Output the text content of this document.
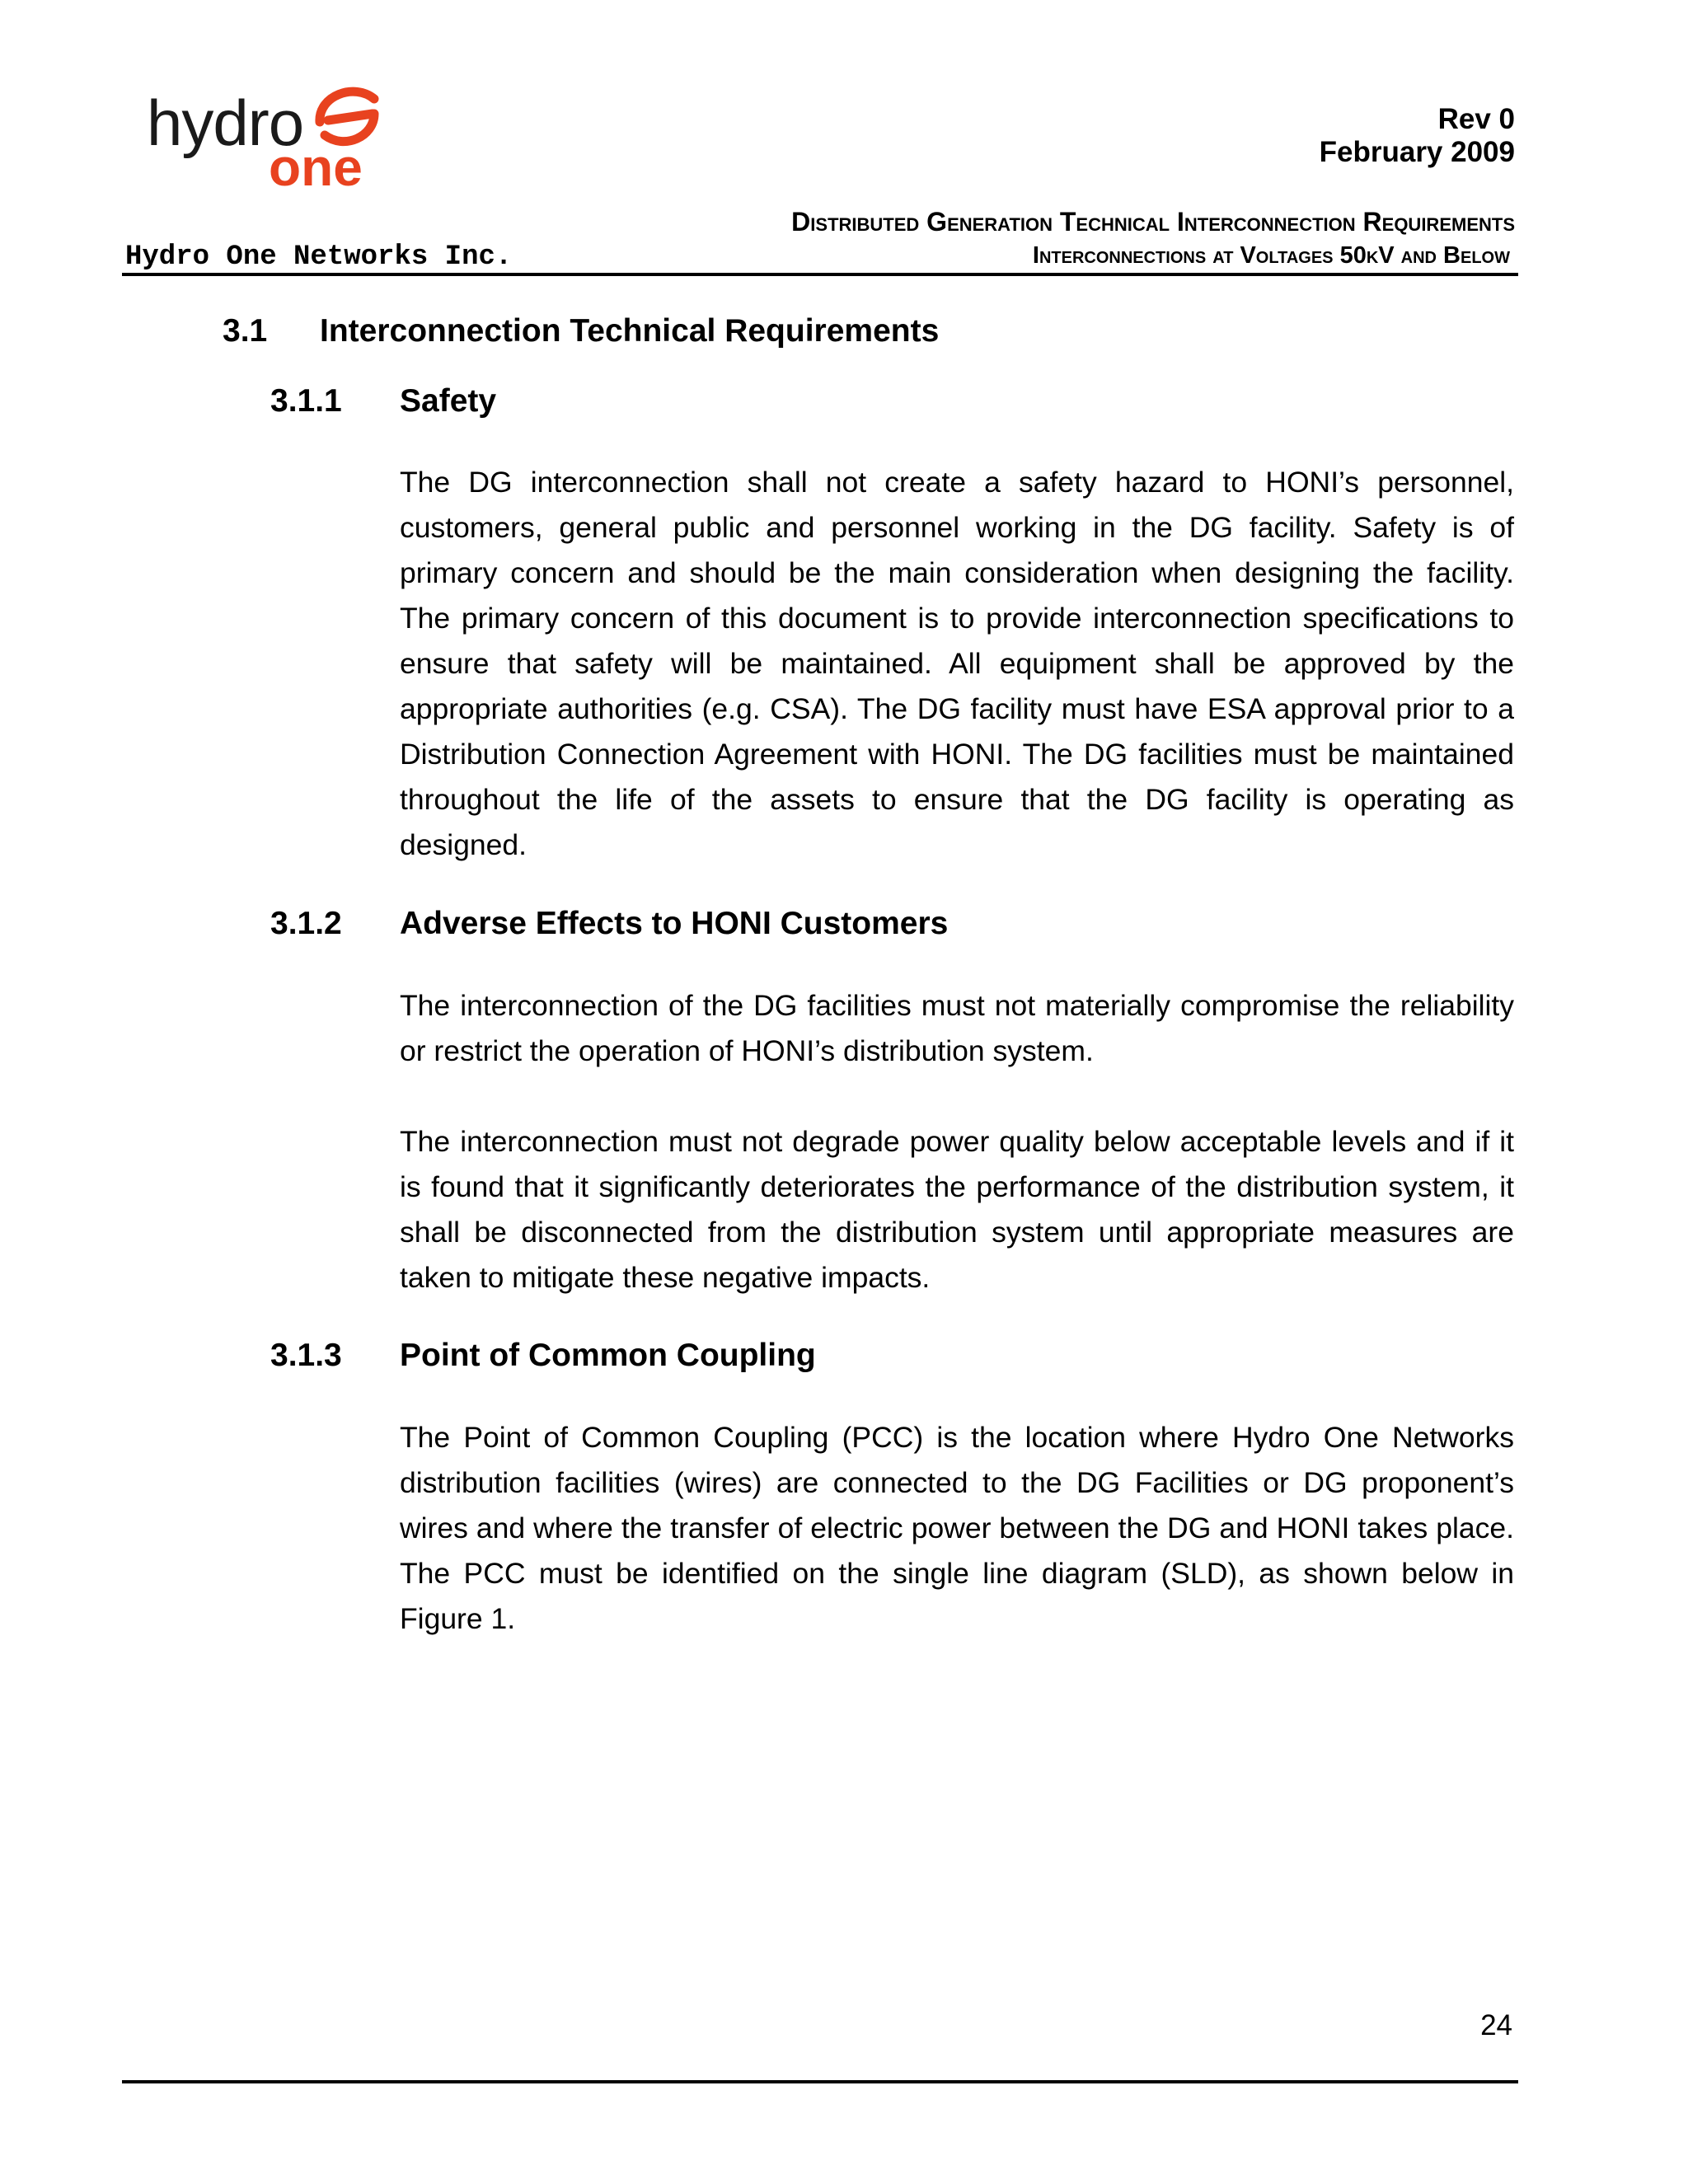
hydro
one
Rev 0
February 2009
Distributed Generation Technical Interconnection Requirements
Hydro One Networks Inc.	Interconnections at Voltages 50kV and Below
3.1 Interconnection Technical Requirements
3.1.1 Safety

The DG interconnection shall not create a safety hazard to HONI’s personnel, customers, general public and personnel working in the DG facility. Safety is of primary concern and should be the main consideration when designing the facility. The primary concern of this document is to provide interconnection specifications to ensure that safety will be maintained. All equipment shall be approved by the appropriate authorities (e.g. CSA). The DG facility must have ESA approval prior to a Distribution Connection Agreement with HONI. The DG facilities must be maintained throughout the life of the assets to ensure that the DG facility is operating as designed.

3.1.2 Adverse Effects to HONI Customers

The interconnection of the DG facilities must not materially compromise the reliability or restrict the operation of HONI’s distribution system.

The interconnection must not degrade power quality below acceptable levels and if it is found that it significantly deteriorates the performance of the distribution system, it shall be disconnected from the distribution system until appropriate measures are taken to mitigate these negative impacts.

3.1.3 Point of Common Coupling

The Point of Common Coupling (PCC) is the location where Hydro One Networks distribution facilities (wires) are connected to the DG Facilities or DG proponent’s wires and where the transfer of electric power between the DG and HONI takes place. The PCC must be identified on the single line diagram (SLD), as shown below in Figure 1.

24
